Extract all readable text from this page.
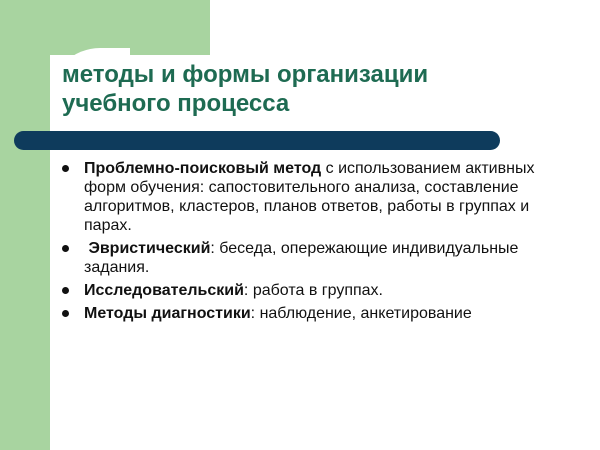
методы и формы организации
учебного процесса
Проблемно-поисковый метод с использованием активных форм обучения: сапостовительного анализа, составление алгоритмов, кластеров, планов ответов, работы в группах и парах.
Эвристический: беседа, опережающие индивидуальные задания.
Исследовательский: работа в группах.
Методы диагностики: наблюдение, анкетирование
